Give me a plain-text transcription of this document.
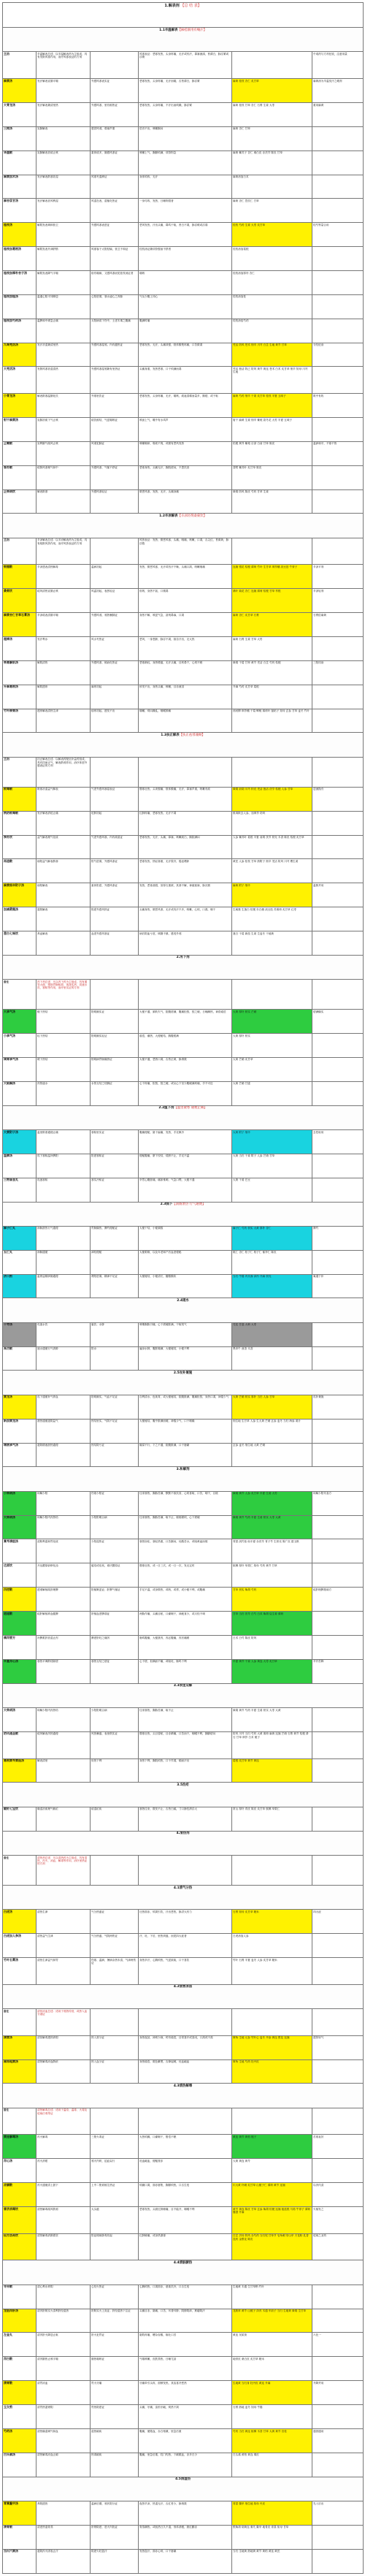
1.解表剂 【总 结 表】					
1.1辛温解表【麻桂联用有峻汗】					
主治	辛温解表总述：以辛温解表药为主组成，具有发散风寒作用，治疗风寒表证的方剂		风寒表证：恶寒发热，头身疼痛，无汗或有汗，鼻塞流涕，苔薄白，脉浮紧或浮缓		中成药与方剂比较，注意用量
麻黄汤	发汗解表宣肺平喘	外感风寒表实证	恶寒发热，头身疼痛，无汗而喘，舌苔薄白，脉浮紧	麻黄 桂枝 杏仁 炙甘草	麻黄汤为辛温发汗之峻剂
大青龙汤	发汗解表兼清里热	外感风寒，里有郁热证	恶寒发热，头身疼痛，不汗出而烦躁，脉浮紧	麻黄 桂枝 甘草 杏仁 石膏 生姜 大枣	重用麻黄
三拗汤	宣肺解表	感冒风邪，鼻塞声重	语音不出，咳嗽胸闷	麻黄 杏仁 甘草	
华盖散	宣肺解表祛痰止咳	素体痰多，肺感风寒证	咳嗽上气，胸膈烦满，项背拘急	麻黄 紫苏子 杏仁 桑白皮 赤茯苓 陈皮 甘草	
麻黄加术汤	发汗解表散寒祛湿	风寒夹湿痹证	身体烦疼，无汗	麻黄汤加白术	
麻杏苡甘汤	发汗解表祛风利湿	风湿在表，湿郁化热证	一身尽疼，发热，日晡所剧者	麻黄 杏仁 薏苡仁 甘草	
桂枝汤	解肌发表调和营卫	外感风寒表虚证	恶风发热，汗出头痛，鼻鸣干呕，苔白不渴，脉浮缓或浮弱	桂枝 芍药 生姜 大枣 炙甘草	桂芍等量合用
桂枝加葛根汤	解肌发表升津舒筋	风寒客于太阳经输，营卫不和证	桂枝汤证兼项背强而不舒者	桂枝汤加葛根	
桂枝加厚朴杏子汤	解肌发表降气平喘	宿有喘病，又感风寒而见桂枝汤证者	喘咳	桂枝汤加厚朴 杏仁	
桂枝加桂汤	温通心阳平冲降逆	心阳虚弱，寒水凌心之奔豚	气从少腹上冲心	桂枝汤加桂	
桂枝加芍药汤	温脾和中缓急止痛	太阳病误下伤中，土虚木乘之腹痛	腹满时痛	桂枝汤倍芍药	
九味羌活汤	发汗祛湿兼清里热	外感风寒湿邪，内有蕴热证	恶寒发热，无汗，头痛项强，肢体酸楚疼痛，口苦微渴	羌活 防风 苍术 细辛 川芎 白芷 生地 黄芩 甘草	分经论治
大羌活汤	发散风寒祛湿清热	外感风寒湿邪兼有里热证	头痛身重，发热恶寒，口干烦满而渴	羌活 独活 防己 防风 黄芩 黄连 苍术 白术 炙甘草 细辛 知母 川芎 生地	
小青龙汤	解表散寒温肺化饮	外寒里饮证	恶寒发热，头身疼痛，无汗，喘咳，痰涎清稀而量多，胸痞，或干呕	麻黄 芍药 细辛 干姜 炙甘草 桂枝 半夏 五味子	散中有收
射干麻黄汤	宣肺祛痰下气止咳	痰饮郁结，气逆喘咳证	咳而上气，喉中有水鸡声	射干 麻黄 生姜 细辛 紫菀 款冬花 大枣 半夏 五味子	
止嗽散	宣利肺气疏风止咳	风邪犯肺证	咳嗽咽痒，咯痰不爽，或微有恶风发热	桔梗 荆芥 紫菀 百部 白前 甘草 陈皮	温润和平，不寒不热
香苏散	疏散风寒理气和中	外感风寒，气郁不舒证	恶寒身热，头痛无汗，胸脘痞闷，不思饮食	香附 紫苏叶 炙甘草 陈皮	
正柴胡饮	解表散寒	外感风寒轻证	微恶风寒，发热，无汗，头痛身痛	柴胡 防风 陈皮 芍药 甘草 生姜	
1.2辛凉解表【辛凉轻剂桑菊饮】					
主治	辛凉解表总述：以辛凉解表药为主组成，具有疏散风热作用，治疗风热表证的方剂		风热表证：发热，微恶风寒，头痛，咽痛，咳嗽，口渴，舌尖红，苔薄黄，脉浮数		
银翘散	辛凉透表清热解毒	温病初起	发热，微恶风寒，无汗或有汗不畅，头痛口渴，咳嗽咽痛	连翘 银花 桔梗 薄荷 竹叶 生甘草 荆芥穗 淡豆豉 牛蒡子	辛凉平剂
桑菊饮	疏风清热宣肺止咳	风温初起，表热轻证	但咳，身热不甚，口微渴	桑叶 菊花 杏仁 连翘 薄荷 桔梗 甘草 苇根	辛凉轻剂
麻黄杏仁甘草石膏汤	辛凉疏表清肺平喘	外感风邪，邪热壅肺证	身热不解，咳逆气急，甚则鼻扇，口渴	麻黄 杏仁 炙甘草 石膏	石膏倍麻黄
越婢汤	发汗利水	风水夹热证	恶风，一身悉肿，脉浮不渴，续自汗出，无大热	麻黄 石膏 生姜 甘草 大枣	
柴葛解肌汤	解肌清热	外感风寒，郁而化热证	恶寒渐轻，身热增盛，无汗头痛，目疼鼻干，心烦不眠	柴胡 干葛 甘草 黄芩 羌活 白芷 芍药 桔梗	三阳同治
升麻葛根汤	解肌透疹	麻疹初起	疹发不出，身热头痛，咳嗽，目赤流泪	升麻 芍药 炙甘草 葛根	
竹叶柳蒡汤	透疹解表清热生津	痧疹初起，透发不出	喘嗽，烦闷躁乱，咽喉肿痛	西河柳 荆芥穗 干葛 蝉蜕 薄荷叶 鼠粘子 知母 玄参 甘草 麦冬 竹叶	
1.3扶正解表【扶正祛邪兼顾】					
主治	扶正解表总述：以解表药配伍补益药组成，具有扶助正气、解表散邪作用，治疗体虚外感表证的方剂				
败毒散	散寒祛湿益气解表	气虚外感风寒湿表证	憎寒壮热，头项强痛，肢体酸痛，无汗，鼻塞声重，咳嗽有痰	柴胡 前胡 川芎 枳壳 羌活 独活 茯苓 桔梗 人参 甘草	逆流挽舟
荆防败毒散	发汗解表消疮止痛	疮肿初起	红肿疼痛，恶寒发热，无汗不渴	败毒散去人参，加荆芥 防风	
参苏饮	益气解表理气化痰	气虚外感风寒，内有痰湿证	恶寒发热，无汗，头痛，鼻塞，咳嗽痰白，胸脘满闷	人参 紫苏叶 葛根 半夏 前胡 茯苓 枳壳 木香 陈皮 桔梗 炙甘草	
再造散	助阳益气解表散寒	阳气虚弱，外感风寒证	恶寒发热，热轻寒重，无汗肢冷，倦怠嗜卧	黄芪 人参 桂枝 甘草 熟附子 细辛 羌活 防风 川芎 煨生姜	
麻黄细辛附子汤	助阳解表	素体阳虚，外感风寒证	发热，恶寒甚剧，虽厚衣重被，其寒不解，神疲欲寐，脉沉微	麻黄 附子 细辛	温散并用
加减葳蕤汤	滋阴解表	阴虚外感风热证	头痛身热，微恶风寒，无汗或有汗不多，咳嗽，心烦，口渴，咽干	生葳蕤 生葱白 桔梗 东白薇 淡豆豉 苏薄荷 炙甘草 红枣	
葱白七味饮	养血解表	血虚外感风寒证	病后阴血亏虚，调摄不慎，感受外邪	葱白 干葛 新豉 生姜 生麦冬 干地黄	
2.泻下剂					
备注	泻下剂总述：凡以泻下药为主组成，具有通导大便、排除胃肠积滞、荡涤实热、攻逐水饮、寒积等作用，治疗里实证的方剂				
大承气汤	峻下热结	阳明腑实证	大便不通，频转矢气，脘腹痞满，腹痛拒按，按之硬，日晡潮热，神昏谵语	大黄 厚朴 枳实 芒硝	痞满燥实
小承气汤	轻下热结	阳明腑实轻证	谵语，潮热，大便秘结，胸腹痞满	大黄 厚朴 枳实	
调胃承气汤	缓下热结	阳明病胃肠燥热证	大便不通，恶热口渴，舌苔正黄，脉滑数	大黄 芒硝 炙甘草	
大陷胸汤	泻热逐水	水热互结之结胸证	心下疼痛，拒按，按之硬，或从心下至少腹硬满疼痛，手不可近	大黄 芒硝 甘遂	
2.2温下剂【温里散寒 通便止痛】					
大黄附子汤	温里散寒通便止痛	寒积里实证	腹痛便秘，胁下偏痛，发热，手足厥冷	大黄 附子 细辛	去性取用
温脾汤	攻下寒积温补脾阳	阳虚寒积证	便秘腹痛，脐下绞结，绕脐不止，手足不温	大黄 当归 干姜 附子 人参 芒硝 甘草	
三物备急丸	攻逐寒积	寒实冷积证	卒然心腹胀痛，痛如锥刺，气急口噤，大便不通	大黄 干姜 巴豆	
2.3润下【润肠泄热 行气通便】					
麻子仁丸	润肠泄热行气通便	胃肠燥热，脾约便秘证	大便干结，小便频数	麻子仁 芍药 枳实 大黄 厚朴 杏仁	脾约
五仁丸	润肠通便	津枯便秘	大便艰难，以及年老和产后血虚便秘	桃仁 杏仁 松子仁 柏子仁 郁李仁 陈皮	
济川煎	温肾益精润肠通便	肾阳虚弱，精津不足证	大便秘结，小便清长，腰膝酸软	当归 牛膝 肉苁蓉 泽泻 升麻 枳壳	寓通于补
2.4逐水					
十枣汤	攻逐水饮	悬饮；水肿	咳唾胸胁引痛，心下痞硬胀满，干呕短气	芫花 甘遂 大戟 大枣	
禹功散	逐水通便行气消肿	阳水	遍身水肿，腹胀喘满，大便秘结，小便不利	黑牵牛 茴香 木香	
2.5攻补兼施					
黄龙汤	攻下通便补气养血	阳明腑实，气血不足证	自利清水，色纯青，或大便秘结，脘腹胀满，腹痛拒按，身热口渴，神倦少气	大黄 芒硝 枳实 厚朴 当归 人参 甘草	攻补兼施
新加黄龙汤	泄热通便滋阴益气	热结里实，气阴不足证	大便秘结，腹中胀满而硬，神倦少气，口干咽燥	细生地 生甘草 人参 生大黄 芒硝 玄参 麦冬 当归 海参 姜汁	
增液承气汤	滋阴增液泄热通便	热结阴亏证	燥屎不行，下之不通，脘腹胀满，口干唇燥	玄参 麦冬 细生地 大黄 芒硝	
3.和解剂					
小柴胡汤	和解少阳	伤寒少阳证	往来寒热，胸胁苦满，默默不欲饮食，心烦喜呕，口苦，咽干，目眩	柴胡 黄芩 人参 炙甘草 半夏 生姜 大枣	和解少阳代表方
大柴胡汤	和解少阳内泻热结	少阳阳明合病	往来寒热，胸胁苦满，呕不止，郁郁微烦，心下痞硬	柴胡 黄芩 芍药 半夏 生姜 枳实 大枣 大黄	
蒿芩清胆汤	清胆利湿和胃化痰	少阳湿热证	寒热如疟，寒轻热重，口苦膈闷，吐酸苦水，或呕黄涎而黏	青蒿 淡竹茹 仙半夏 赤茯苓 青子芩 生枳壳 陈广皮 碧玉散	
达原饮	开达膜原辟秽化浊	瘟疫或疟疾，邪伏膜原证	憎寒壮热，或一日三次，或一日一次，发无定时	槟榔 厚朴 草果仁 知母 芍药 黄芩 甘草	
四逆散	透邪解郁疏肝理脾	阳郁厥逆证；肝脾气郁证	手足不温，或身微热，或咳，或悸，或小便不利，或腹痛	甘草 枳实 柴胡 芍药	疏肝理脾基础方
逍遥散	疏肝解郁养血健脾	肝郁血虚脾弱证	两胁作痛，头痛目眩，口燥咽干，神疲食少，或月经不调	甘草 当归 茯苓 白芍 白术 柴胡 烧生姜 薄荷	
痛泻要方	补脾柔肝祛湿止泻	脾虚肝旺之痛泻	肠鸣腹痛，大便泄泻，泻必腹痛，泻后痛缓	白术 白芍 陈皮 防风	
半夏泻心汤	寒热平调散结除痞	寒热互结之痞证	心下痞，但满而不痛，或呕吐，肠鸣下利	半夏 黄芩 干姜 人参 黄连 大枣 炙甘草	辛开苦降
3.3表里双解					
大柴胡汤	和解少阳内泻热结	少阳阳明合病	往来寒热，胸胁苦满，呕不止	柴胡 黄芩 芍药 半夏 生姜 枳实 大枣 大黄	
防风通圣散	疏风解表泻热通便	风热壅盛，表里俱实证	憎寒壮热，头目昏眩，目赤睛痛，口苦而干，咽喉不利，胸膈痞闷	防风 川芎 当归 芍药 大黄 薄荷 麻黄 连翘 芒硝 石膏 黄芩 桔梗 滑石 甘草 荆芥 白术 栀子	
葛根黄芩黄连汤	解表清里	协热下利	身热下利，胸脘烦热，口干作渴，喘而汗出	葛根 炙甘草 黄芩 黄连	
3.5治疟					
截疟七宝饮	燥湿祛痰理气截疟	痰湿疟疾	寒热往来，数发不止，舌苔白腻，寸口脉弦滑浮大	常山 厚朴 青皮 陈皮 炙甘草 槟榔 草果仁	
4.清热剂					
备注	清热剂总述：凡以清热药为主组成，具有清热、泻火、凉血、解毒等作用，治疗里热证的方剂				
4.1清气分热					
白虎汤	清热生津	气分热盛证	壮热面赤，烦渴引饮，汗出恶热，脉洪大有力	石膏 知母 炙甘草 粳米	四大症
白虎加人参汤	清热益气生津	气分热盛，气阴两伤证	汗、吐、下后，里热炽盛，而见四大症者	白虎汤加人参	
竹叶石膏汤	清热生津益气和胃	伤寒、温病、暑病余热未清，气津两伤证	身热多汗，心胸烦热，气逆欲呕，口干喜饮	竹叶 石膏 半夏 麦冬 人参 炙甘草 粳米	
4.2清营凉血					
备注	清营凉血总述：适用于邪热传营，或热入血分诸证				
清营汤	清营解毒透热养阴	热入营分证	身热夜甚，神烦少寐，时有谵语，目常喜开或喜闭，口渴或不渴	犀角 生地 元参 竹叶心 麦冬 丹参 黄连 银花 连翘	透热转气
犀角地黄汤	清热解毒凉血散瘀	热入血分证	身热谵语，斑色紫黑，舌绛起刺，吐血衄血	犀角 生地 芍药 牡丹皮	
4.3清热解毒					
备注	清热解毒总述：适用于温疫、温毒、火毒及疮疡疔毒等证				
黄连解毒汤	泻火解毒	三焦火毒证	大热烦躁，口燥咽干，错语不眠	黄连 黄芩 黄柏 栀子	苦寒直折
泻心汤	泻火消痞	邪火内炽，迫血妄行	吐血衄血，便秘溲赤	大黄 黄连 黄芩	
凉膈散	泻火通便清上泄下	上中二焦邪郁生热证	烦躁口渴，面赤唇焦，胸膈烦热，口舌生疮	川大黄 朴硝 炙甘草 山栀子仁 薄荷 黄芩 连翘	以泻代清
普济消毒饮	清热解毒疏风散邪	大头瘟	恶寒发热，头面红肿焮痛，目不能开，咽喉不利	黄芩 黄连 陈皮 甘草 玄参 柴胡 桔梗 连翘 板蓝根 马勃 牛蒡子 薄荷 僵蚕 升麻	火郁发之
仙方活命饮	清热解毒消肿溃坚	阳证痈疡肿毒初起	红肿焮痛，或身热凛寒	白芷 贝母 防风 赤芍药 当归尾 甘草节 皂角刺 穿山甲 天花粉 乳香 没药 金银花 陈皮	疮疡之圣药
4.4清脏腑热					
导赤散	清心利水养阴	心经火热证	心胸烦热，口渴面赤，意欲饮冷，口舌生疮	生地黄 木通 生甘草梢 竹叶	
龙胆泻肝汤	清泻肝胆实火清利肝经湿热	肝胆实火上炎证；肝经湿热下注证	头痛目赤，胁痛，口苦，耳聋耳肿；阴肿阴痒，筋痿阴汗	龙胆草 黄芩 山栀子 泽泻 木通 车前子 当归 生地黄 柴胡 生甘草	
左金丸	清泻肝火降逆止呕	肝火犯胃证	胁肋疼痛，嘈杂吞酸，呕吐口苦	黄连 吴茱萸	六比一
泻白散	清泻肺热止咳平喘	肺热喘咳证	气喘咳嗽，皮肤蒸热，日晡尤甚	地骨皮 桑白皮 炙甘草 粳米	
清胃散	清胃凉血	胃火牙痛	牙痛牵引头疼，面颊发热，其齿喜冷恶热	生地黄 当归身 牡丹皮 黄连 升麻	升降并用
玉女煎	清胃热滋肾阴	胃热阴虚证	头痛，牙痛，齿松牙衄，烦热干渴	石膏 熟地 麦冬 知母 牛膝	
芍药汤	清热燥湿调气和血	湿热痢疾	腹痛，便脓血，赤白相兼，里急后重	芍药 当归 黄连 槟榔 木香 甘草 大黄 黄芩 官桂	通因通用
白头翁汤	清热解毒凉血止痢	热毒痢疾	腹痛，里急后重，肛门灼热，下痢脓血，赤多白少	白头翁 黄柏 黄连 秦皮	
4.5清虚热					
青蒿鳖甲汤	养阴透热	温病后期，邪伏阴分证	夜热早凉，热退无汗，舌红苔少，脉细数	青蒿 鳖甲 细生地 知母 丹皮	先入后出
清骨散	清虚热退骨蒸	肝肾阴虚，虚火内扰证	骨蒸潮热，或低热日久不退，形体消瘦，唇红颧赤	银柴胡 胡黄连 秦艽 鳖甲 地骨皮 青蒿 知母 甘草	
当归六黄汤	滋阴泻火固表止汗	阴虚火旺盗汗	发热盗汗，面赤心烦，口干唇燥	当归 生地黄 熟地黄 黄芩 黄柏 黄连 黄芪	
